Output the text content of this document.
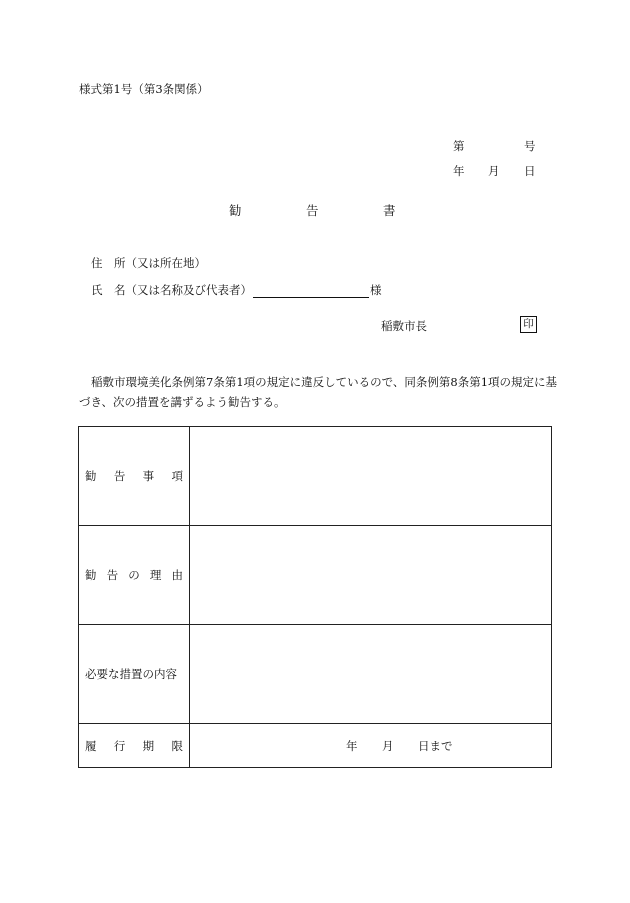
様式第1号（第3条関係）
第	号
年 月 日
勧	告	書
住　所（又は所在地）
氏　名（又は名称及び代表者）	様
稲敷市長	印
稲敷市環境美化条例第7条第1項の規定に違反しているので、同条例第8条第1項の規定に基づき、次の措置を講ずるよう勧告する。
勧 告 事 項	

勧 告 の 理 由	

必要な措置の内容	

履 行 期 限	年 月 日まで
